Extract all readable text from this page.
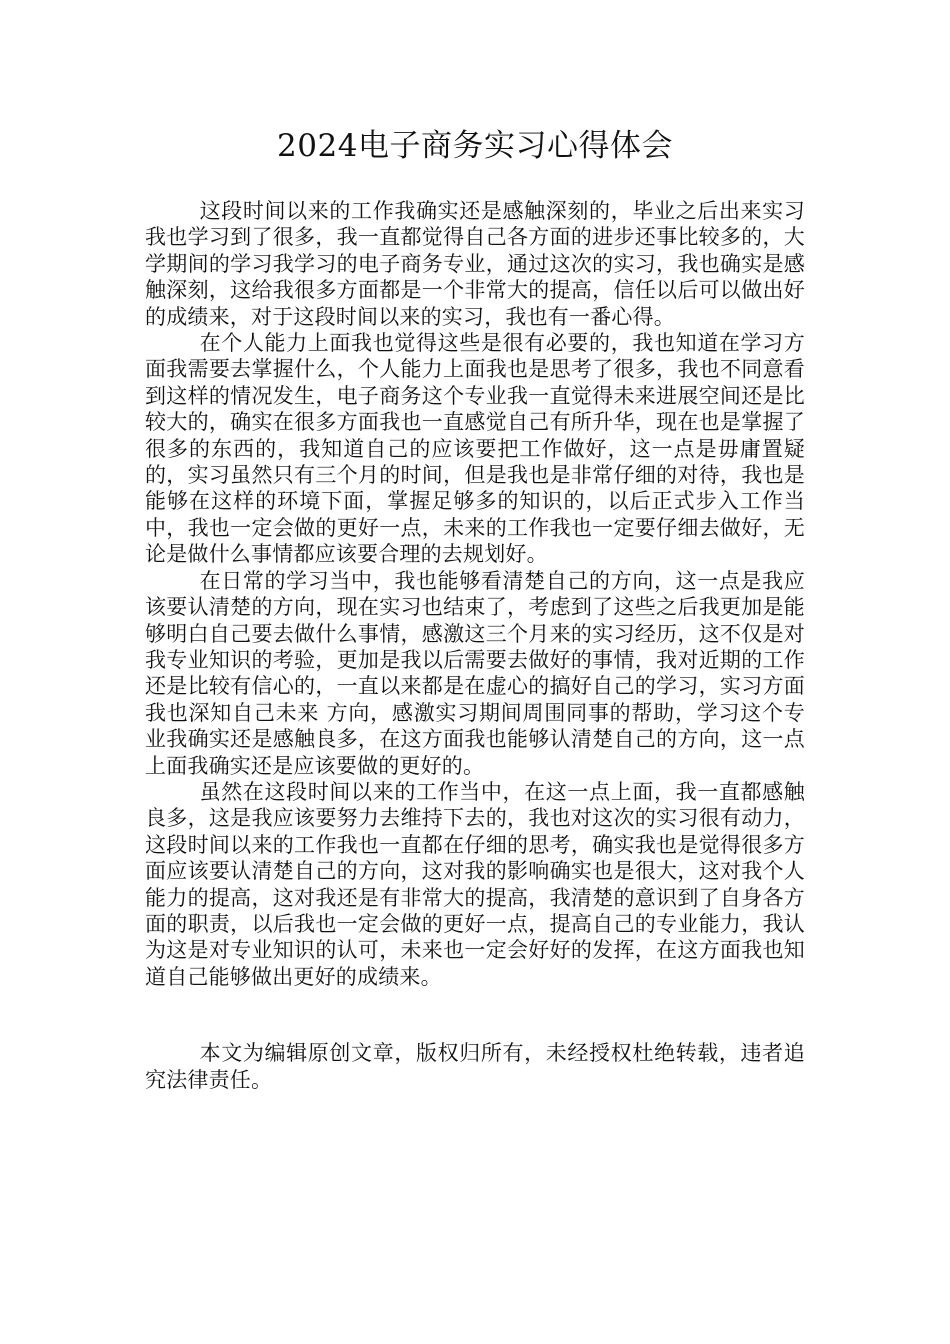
2024电子商务实习心得体会

这段时间以来的工作我确实还是感触深刻的，毕业之后出来实习我也学习到了很多，我一直都觉得自己各方面的进步还事比较多的，大学期间的学习我学习的电子商务专业，通过这次的实习，我也确实是感触深刻，这给我很多方面都是一个非常大的提高，信任以后可以做出好的成绩来，对于这段时间以来的实习，我也有一番心得。

在个人能力上面我也觉得这些是很有必要的，我也知道在学习方面我需要去掌握什么，个人能力上面我也是思考了很多，我也不同意看到这样的情况发生，电子商务这个专业我一直觉得未来进展空间还是比较大的，确实在很多方面我也一直感觉自己有所升华，现在也是掌握了很多的东西的，我知道自己的应该要把工作做好，这一点是毋庸置疑的，实习虽然只有三个月的时间，但是我也是非常仔细的对待，我也是能够在这样的环境下面，掌握足够多的知识的，以后正式步入工作当中，我也一定会做的更好一点，未来的工作我也一定要仔细去做好，无论是做什么事情都应该要合理的去规划好。

在日常的学习当中，我也能够看清楚自己的方向，这一点是我应该要认清楚的方向，现在实习也结束了，考虑到了这些之后我更加是能够明白自己要去做什么事情，感激这三个月来的实习经历，这不仅是对我专业知识的考验，更加是我以后需要去做好的事情，我对近期的工作还是比较有信心的，一直以来都是在虚心的搞好自己的学习，实习方面我也深知自己未来 方向，感激实习期间周围同事的帮助，学习这个专业我确实还是感触良多，在这方面我也能够认清楚自己的方向，这一点上面我确实还是应该要做的更好的。

虽然在这段时间以来的工作当中，在这一点上面，我一直都感触良多，这是我应该要努力去维持下去的，我也对这次的实习很有动力，这段时间以来的工作我也一直都在仔细的思考，确实我也是觉得很多方面应该要认清楚自己的方向，这对我的影响确实也是很大，这对我个人能力的提高，这对我还是有非常大的提高，我清楚的意识到了自身各方面的职责，以后我也一定会做的更好一点，提高自己的专业能力，我认为这是对专业知识的认可，未来也一定会好好的发挥，在这方面我也知道自己能够做出更好的成绩来。

本文为编辑原创文章，版权归所有，未经授权杜绝转载，违者追究法律责任。
